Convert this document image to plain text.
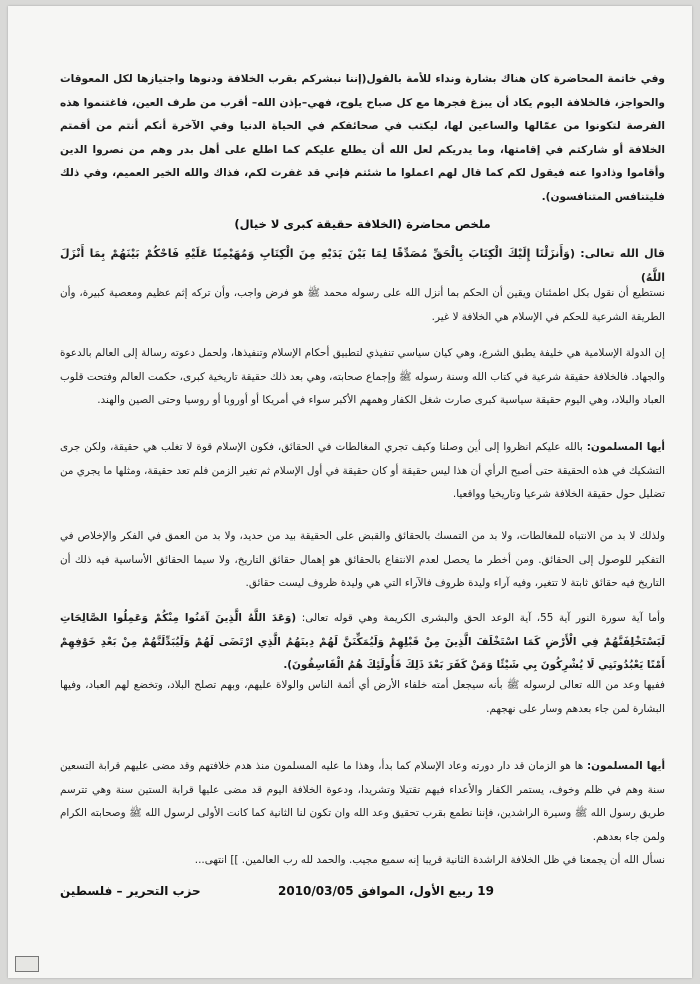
وفي خاتمة المحاضرة كان هناك بشارة ونداء للأمة بالقول(إننا نبشركم بقرب الخلافة ودنوها واجتيازها لكل المعوقات والحواجز، فالخلافة اليوم يكاد أن يبزغ فجرها مع كل صباح يلوح، فهي–بإذن الله– أقرب من طرف العين، فاغتنموا هذه الفرصة لتكونوا من عمّالها والساعين لها، ليكتب في صحائفكم في الحياة الدنيا وفي الآخرة أنكم أنتم من أقمتم الخلافة أو شاركتم في إقامتها، وما يدريكم لعل الله أن يطلع عليكم كما اطلع على أهل بدر وهم من نصروا الدين وأقاموا وذادوا عنه فيقول لكم كما قال لهم اعملوا ما شئتم فإني قد غفرت لكم، فذاك والله الخير العميم، وفي ذلك فليتنافس المتنافسون).
ملخص محاضرة (الخلافة حقيقة كبرى لا خيال)
قال الله تعالى: (وَأَنزَلْنَا إِلَيْكَ الْكِتَابَ بِالْحَقِّ مُصَدِّقًا لِمَا بَيْنَ يَدَيْهِ مِنَ الْكِتَابِ وَمُهَيْمِنًا عَلَيْهِ فَاحْكُمْ بَيْنَهُمْ بِمَا أَنْزَلَ اللَّهُ)
نستطيع أن نقول بكل اطمئنان ويقين أن الحكم بما أنزل الله على رسوله محمد ﷺ هو فرض واجب، وأن تركه إثم عظيم ومعصية كبيرة، وأن الطريقة الشرعية للحكم في الإسلام هي الخلافة لا غير.
إن الدولة الإسلامية هي خليفة يطبق الشرع، وهي كيان سياسي تنفيذي لتطبيق أحكام الإسلام وتنفيذها، ولحمل دعوته رسالة إلى العالم بالدعوة والجهاد. فالخلافة حقيقة شرعية في كتاب الله وسنة رسوله ﷺ وإجماع صحابته، وهي بعد ذلك حقيقة تاريخية كبرى، حكمت العالم وفتحت قلوب العباد والبلاد، وهي اليوم حقيقة سياسية كبرى صارت شغل الكفار وهمهم الأكبر سواء في أمريكا أو أوروبا أو روسيا وحتى الصين والهند.
أيها المسلمون: بالله عليكم انظروا إلى أين وصلنا وكيف تجري المغالطات في الحقائق، فكون الإسلام قوة لا تغلب هي حقيقة، ولكن جرى التشكيك في هذه الحقيقة حتى أصبح الرأي أن هذا ليس حقيقة أو كان حقيقة في أول الإسلام ثم تغير الزمن فلم تعد حقيقة، ومثلها ما يجري من تضليل حول حقيقة الخلافة شرعيا وتاريخيا وواقعيا.
ولذلك لا بد من الانتباه للمغالطات، ولا بد من التمسك بالحقائق والقبض على الحقيقة بيد من حديد، ولا بد من العمق في الفكر والإخلاص في التفكير للوصول إلى الحقائق. ومن أخطر ما يحصل لعدم الانتفاع بالحقائق هو إهمال حقائق التاريخ، ولا سيما الحقائق الأساسية فيه ذلك أن التاريخ فيه حقائق ثابتة لا تتغير، وفيه آراء وليدة ظروف فالآراء التي هي وليدة ظروف ليست حقائق.
وأما آية سورة النور آية 55، آية الوعد الحق والبشرى الكريمة وهي قوله تعالى: (وَعَدَ اللَّهُ الَّذِينَ آمَنُوا مِنْكُمْ وَعَمِلُوا الصَّالِحَاتِ لَيَسْتَخْلِفَنَّهُمْ فِي الْأَرْضِ كَمَا اسْتَخْلَفَ الَّذِينَ مِنْ قَبْلِهِمْ وَلَيُمَكِّنَنَّ لَهُمْ دِينَهُمُ الَّذِي ارْتَضَى لَهُمْ وَلَيُبَدِّلَنَّهُمْ مِنْ بَعْدِ خَوْفِهِمْ أَمْنًا يَعْبُدُونَنِي لَا يُشْرِكُونَ بِي شَيْئًا وَمَنْ كَفَرَ بَعْدَ ذَلِكَ فَأُولَئِكَ هُمُ الْفَاسِقُونَ).
ففيها وعد من الله تعالى لرسوله ﷺ بأنه سيجعل أمته خلفاء الأرض أي أئمة الناس والولاة عليهم، وبهم تصلح البلاد، وتخضع لهم العباد، وفيها البشارة لمن جاء بعدهم وسار على نهجهم.
أيها المسلمون: ها هو الزمان قد دار دورته وعاد الإسلام كما بدأ، وهذا ما عليه المسلمون منذ هدم خلافتهم وقد مضى عليهم قرابة التسعين سنة وهم في ظلم وخوف، يستمر الكفار والأعداء فيهم تقتيلا وتشريدا، ودعوة الخلافة اليوم قد مضى عليها قرابة الستين سنة وهي تترسم طريق رسول الله ﷺ وسيرة الراشدين، فإننا نطمع بقرب تحقيق وعد الله وان تكون لنا الثانية كما كانت الأولى لرسول الله ﷺ وصحابته الكرام ولمن جاء بعدهم.
نسأل الله أن يجمعنا في ظل الخلافة الراشدة الثانية قريبا إنه سميع مجيب. والحمد لله رب العالمين. ]] انتهى...
19 ربيع الأول، الموافق 2010/03/05
حزب التحرير – فلسطين
